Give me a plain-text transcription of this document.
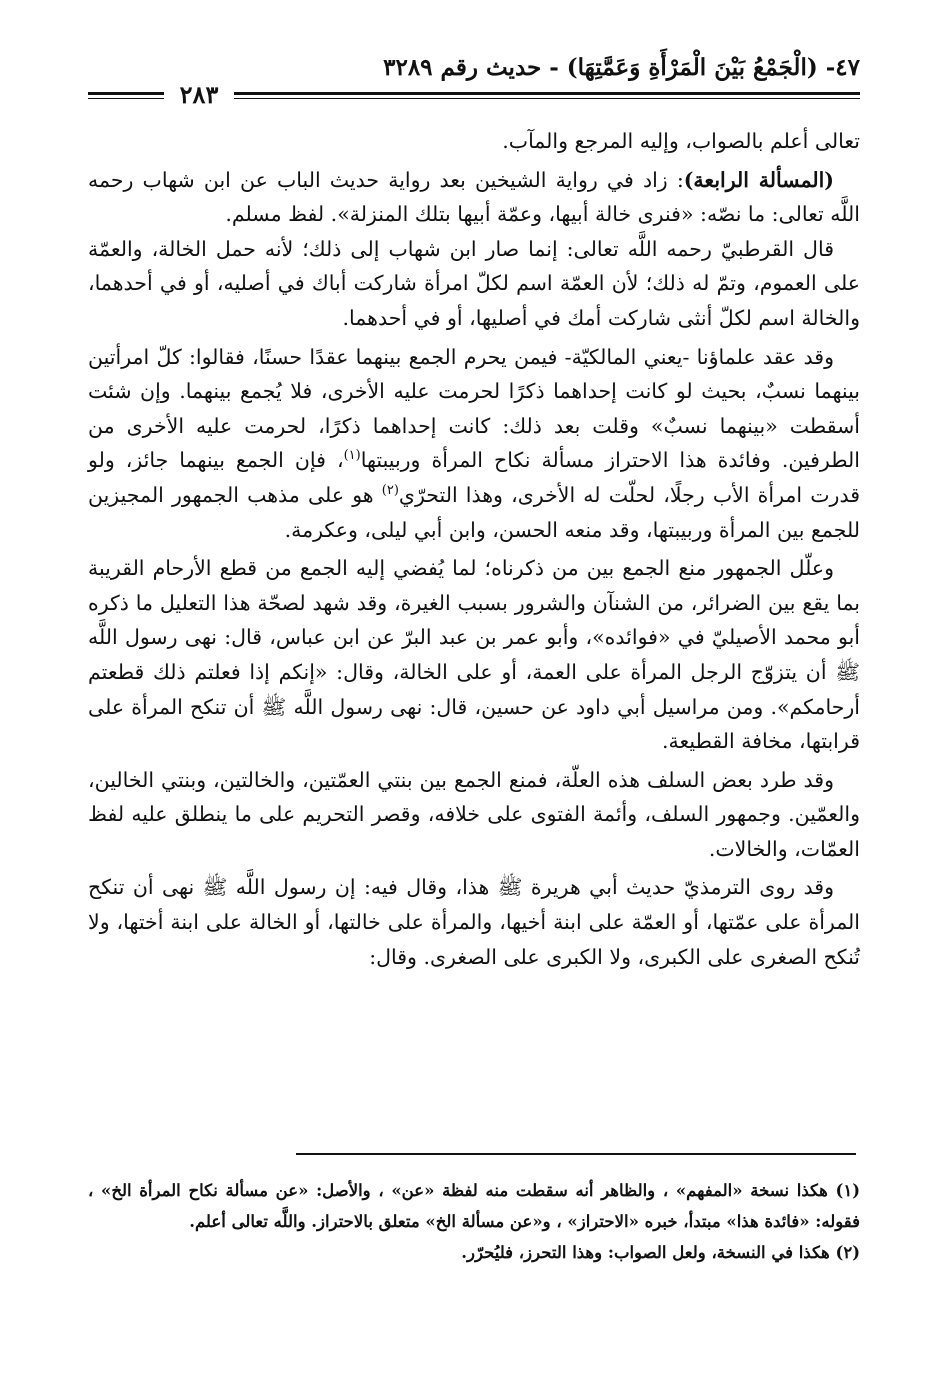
٤٧- (الْجَمْعُ بَيْنَ الْمَرْأَةِ وَعَمَّتِهَا) - حديث رقم ٣٢٨٩
٢٨٣

تعالى أعلم بالصواب، وإليه المرجع والمآب.

(المسألة الرابعة): زاد في رواية الشيخين بعد رواية حديث الباب عن ابن شهاب رحمه اللَّه تعالى: ما نصّه: «فنرى خالة أبيها، وعمّة أبيها بتلك المنزلة». لفظ مسلم.

قال القرطبيّ رحمه اللَّه تعالى: إنما صار ابن شهاب إلى ذلك؛ لأنه حمل الخالة، والعمّة على العموم، وتمّ له ذلك؛ لأن العمّة اسم لكلّ امرأة شاركت أباك في أصليه، أو في أحدهما، والخالة اسم لكلّ أنثى شاركت أمك في أصليها، أو في أحدهما.

وقد عقد علماؤنا -يعني المالكيّة- فيمن يحرم الجمع بينهما عقدًا حسنًا، فقالوا: كلّ امرأتين بينهما نسبٌ، بحيث لو كانت إحداهما ذكرًا لحرمت عليه الأخرى، فلا يُجمع بينهما. وإن شئت أسقطت «بينهما نسبٌ» وقلت بعد ذلك: كانت إحداهما ذكرًا، لحرمت عليه الأخرى من الطرفين. وفائدة هذا الاحتراز مسألة نكاح المرأة وربيبتها$^{(١)}$، فإن الجمع بينهما جائز، ولو قدرت امرأة الأب رجلًا، لحلّت له الأخرى، وهذا التحرّي$^{(٢)}$ هو على مذهب الجمهور المجيزين للجمع بين المرأة وربيبتها، وقد منعه الحسن، وابن أبي ليلى، وعكرمة.

وعلّل الجمهور منع الجمع بين من ذكرناه؛ لما يُفضي إليه الجمع من قطع الأرحام القريبة بما يقع بين الضرائر، من الشنآن والشرور بسبب الغيرة، وقد شهد لصحّة هذا التعليل ما ذكره أبو محمد الأصيليّ في «فوائده»، وأبو عمر بن عبد البرّ عن ابن عباس، قال: نهى رسول اللَّه ﷺ أن يتزوّج الرجل المرأة على العمة، أو على الخالة، وقال: «إنكم إذا فعلتم ذلك قطعتم أرحامكم». ومن مراسيل أبي داود عن حسين، قال: نهى رسول اللَّه ﷺ أن تنكح المرأة على قرابتها، مخافة القطيعة.

وقد طرد بعض السلف هذه العلّة، فمنع الجمع بين بنتي العمّتين، والخالتين، وبنتي الخالين، والعمّين. وجمهور السلف، وأئمة الفتوى على خلافه، وقصر التحريم على ما ينطلق عليه لفظ العمّات، والخالات.

وقد روى الترمذيّ حديث أبي هريرة ﷺ هذا، وقال فيه: إن رسول اللَّه ﷺ نهى أن تنكح المرأة على عمّتها، أو العمّة على ابنة أخيها، والمرأة على خالتها، أو الخالة على ابنة أختها، ولا تُنكح الصغرى على الكبرى، ولا الكبرى على الصغرى. وقال:

(١) هكذا نسخة «المفهم» ، والظاهر أنه سقطت منه لفظة «عن» ، والأصل: «عن مسألة نكاح المرأة الخ» ، فقوله: «فائدة هذا» مبتدأ، خبره «الاحتراز» ، و«عن مسألة الخ» متعلق بالاحتراز. واللَّه تعالى أعلم.

(٢) هكذا في النسخة، ولعل الصواب: وهذا التحرز، فليُحرّر.
